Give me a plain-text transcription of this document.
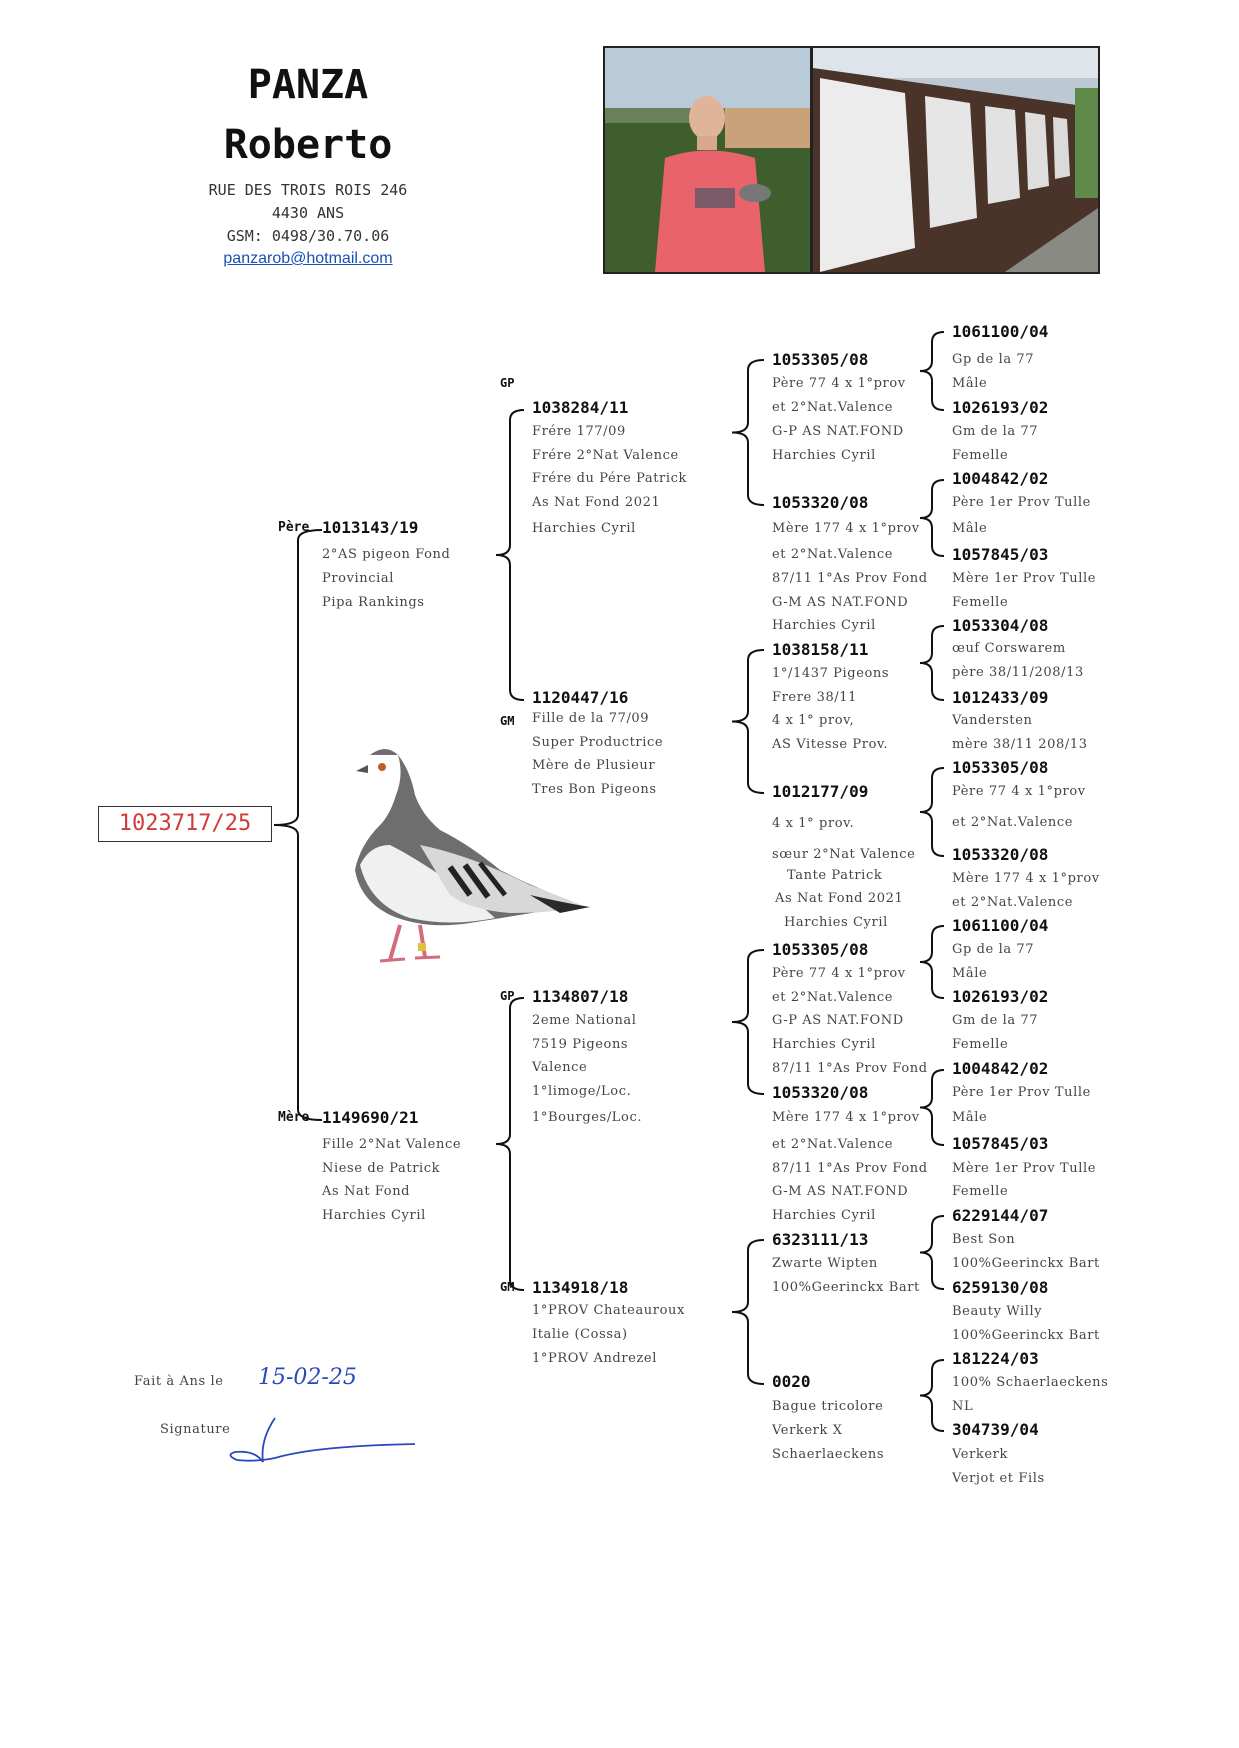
PANZA
Roberto
RUE DES TROIS ROIS 246
4430 ANS
GSM: 0498/30.70.06
panzarob@hotmail.com
1023717/25
Père
Mère
GP
GM
GP
GM
1013143/19
2°AS pigeon Fond
Provincial
Pipa Rankings
1149690/21
Fille 2°Nat Valence
Niese de Patrick
As Nat Fond
Harchies Cyril
1038284/11
Frére 177/09
Frére 2°Nat Valence
Frére du Pére Patrick
As Nat Fond 2021
Harchies Cyril
1120447/16
Fille de la 77/09
Super Productrice
Mère de Plusieur
Tres Bon Pigeons
1134807/18
2eme National
7519 Pigeons
Valence
1°limoge/Loc.
1°Bourges/Loc.
1134918/18
1°PROV Chateauroux
Italie (Cossa)
1°PROV Andrezel
1053305/08
Père 77 4 x 1°prov
et 2°Nat.Valence
G-P AS NAT.FOND
Harchies Cyril
1053320/08
Mère 177 4 x 1°prov
et 2°Nat.Valence
87/11 1°As Prov Fond
G-M AS NAT.FOND
Harchies Cyril
1038158/11
1°/1437 Pigeons
Frere 38/11
4 x 1° prov,
AS Vitesse Prov.
1012177/09
4 x 1° prov.
sœur 2°Nat Valence
Tante Patrick
As Nat Fond 2021
Harchies Cyril
1053305/08
Père 77 4 x 1°prov
et 2°Nat.Valence
G-P AS NAT.FOND
Harchies Cyril
87/11 1°As Prov Fond
1053320/08
Mère 177 4 x 1°prov
et 2°Nat.Valence
87/11 1°As Prov Fond
G-M AS NAT.FOND
Harchies Cyril
6323111/13
Zwarte Wipten
100%Geerinckx Bart
0020
Bague tricolore
Verkerk X
Schaerlaeckens
1061100/04
Gp de la 77
Mâle
1026193/02
Gm de la 77
Femelle
1004842/02
Père 1er Prov Tulle
Mâle
1057845/03
Mère 1er Prov Tulle
Femelle
1053304/08
œuf Corswarem
père 38/11/208/13
1012433/09
Vandersten
mère 38/11 208/13
1053305/08
Père 77 4 x 1°prov
et 2°Nat.Valence
1053320/08
Mère 177 4 x 1°prov
et 2°Nat.Valence
1061100/04
Gp de la 77
Mâle
1026193/02
Gm de la 77
Femelle
1004842/02
Père 1er Prov Tulle
Mâle
1057845/03
Mère 1er Prov Tulle
Femelle
6229144/07
Best Son
100%Geerinckx Bart
6259130/08
Beauty Willy
100%Geerinckx Bart
181224/03
100% Schaerlaeckens
NL
304739/04
Verkerk
Verjot et Fils
Fait à Ans le 15-02-25
Signature
